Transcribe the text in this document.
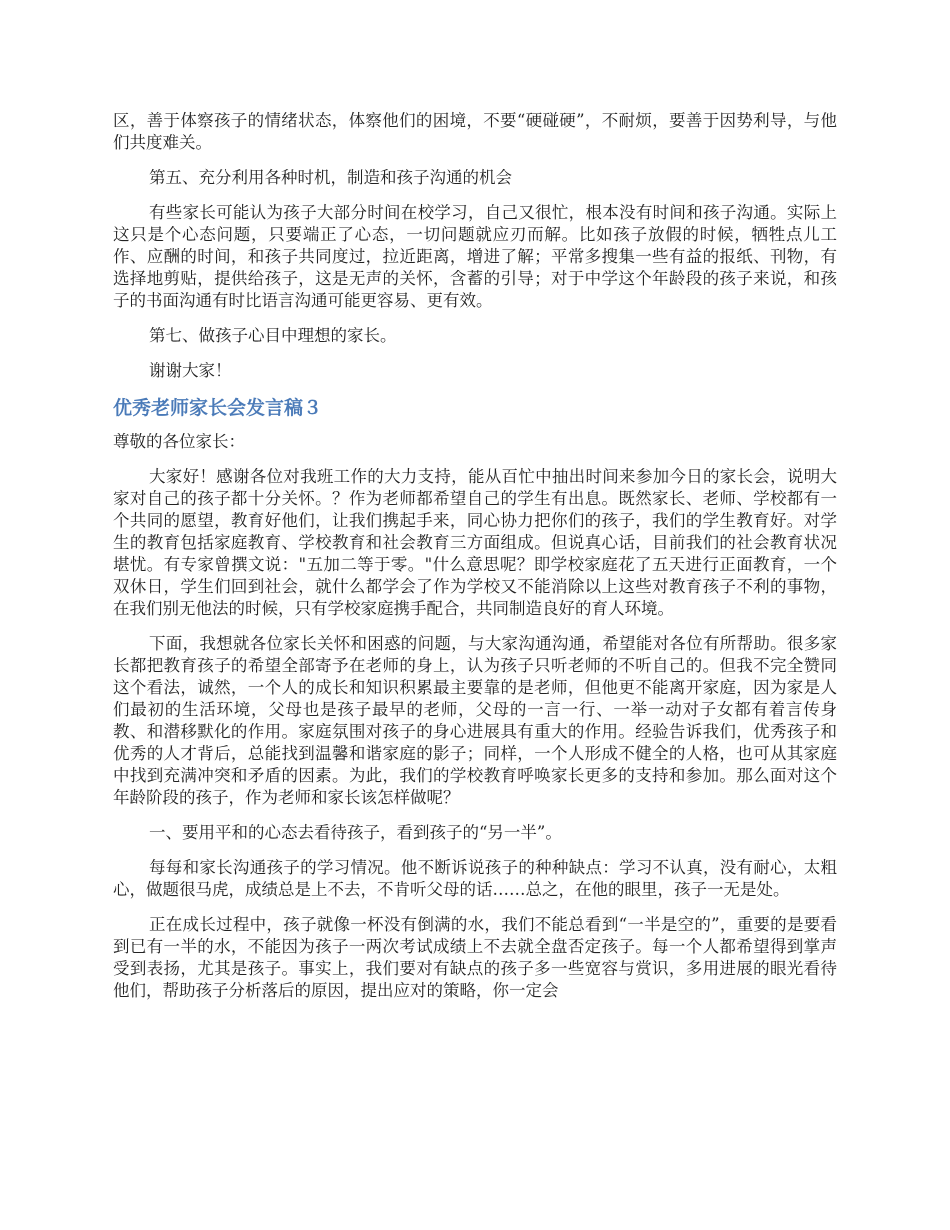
区，善于体察孩子的情绪状态，体察他们的困境，不要“硬碰硬”，不耐烦，要善于因势利导，与他们共度难关。

第五、充分利用各种时机，制造和孩子沟通的机会

有些家长可能认为孩子大部分时间在校学习，自己又很忙，根本没有时间和孩子沟通。实际上这只是个心态问题，只要端正了心态，一切问题就应刃而解。比如孩子放假的时候，牺牲点儿工作、应酬的时间，和孩子共同度过，拉近距离，增进了解；平常多搜集一些有益的报纸、刊物，有选择地剪贴，提供给孩子，这是无声的关怀，含蓄的引导；对于中学这个年龄段的孩子来说，和孩子的书面沟通有时比语言沟通可能更容易、更有效。

第七、做孩子心目中理想的家长。

谢谢大家！

优秀老师家长会发言稿３

尊敬的各位家长：

大家好！感谢各位对我班工作的大力支持，能从百忙中抽出时间来参加今日的家长会，说明大家对自己的孩子都十分关怀。？作为老师都希望自己的学生有出息。既然家长、老师、学校都有一个共同的愿望，教育好他们，让我们携起手来，同心协力把你们的孩子，我们的学生教育好。对学生的教育包括家庭教育、学校教育和社会教育三方面组成。但说真心话，目前我们的社会教育状况堪忧。有专家曾撰文说："五加二等于零。"什么意思呢？即学校家庭花了五天进行正面教育，一个双休日，学生们回到社会，就什么都学会了作为学校又不能消除以上这些对教育孩子不利的事物，在我们别无他法的时候，只有学校家庭携手配合，共同制造良好的育人环境。

下面，我想就各位家长关怀和困惑的问题，与大家沟通沟通，希望能对各位有所帮助。很多家长都把教育孩子的希望全部寄予在老师的身上，认为孩子只听老师的不听自己的。但我不完全赞同这个看法，诚然，一个人的成长和知识积累最主要靠的是老师，但他更不能离开家庭，因为家是人们最初的生活环境，父母也是孩子最早的老师，父母的一言一行、一举一动对子女都有着言传身教、和潜移默化的作用。家庭氛围对孩子的身心进展具有重大的作用。经验告诉我们，优秀孩子和优秀的人才背后，总能找到温馨和谐家庭的影子；同样，一个人形成不健全的人格，也可从其家庭中找到充满冲突和矛盾的因素。为此，我们的学校教育呼唤家长更多的支持和参加。那么面对这个年龄阶段的孩子，作为老师和家长该怎样做呢？

一、要用平和的心态去看待孩子，看到孩子的“另一半”。

每每和家长沟通孩子的学习情况。他不断诉说孩子的种种缺点：学习不认真，没有耐心，太粗心，做题很马虎，成绩总是上不去，不肯听父母的话……总之，在他的眼里，孩子一无是处。

正在成长过程中，孩子就像一杯没有倒满的水，我们不能总看到“一半是空的”，重要的是要看到已有一半的水，不能因为孩子一两次考试成绩上不去就全盘否定孩子。每一个人都希望得到掌声受到表扬，尤其是孩子。事实上，我们要对有缺点的孩子多一些宽容与赏识，多用进展的眼光看待他们，帮助孩子分析落后的原因，提出应对的策略，你一定会
